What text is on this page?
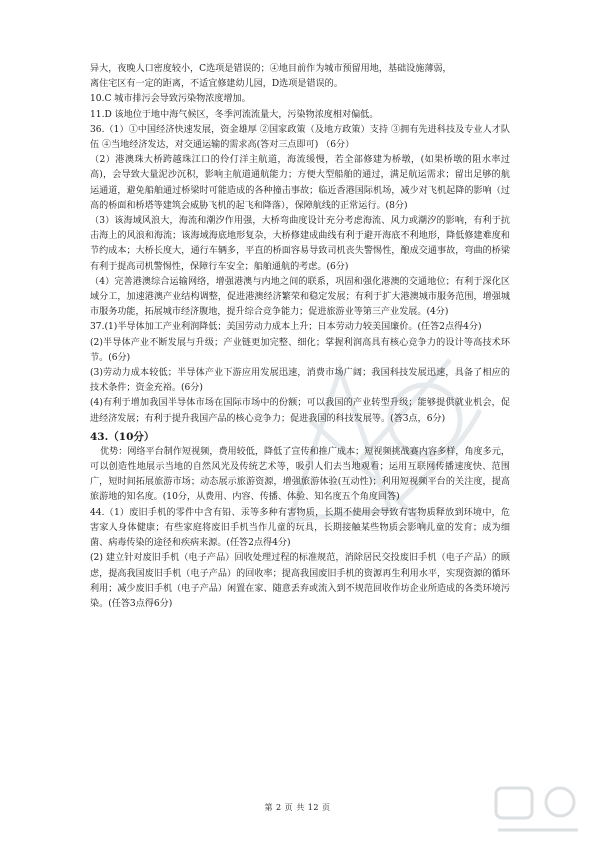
异大，夜晚人口密度较小，C选项是错误的；④地目前作为城市预留用地，基础设施薄弱，

离住宅区有一定的距离，不适宜修建幼儿园，D选项是错误的。

10.C 城市排污会导致污染物浓度增加。

11.D 该地位于地中海气候区，冬季河流流量大，污染物浓度相对偏低。

36.（1）①中国经济快速发展，资金雄厚 ②国家政策（及地方政策）支持 ③拥有先进科技及专业人才队伍 ④当地经济发达，对交通运输的需求高(答对三点即可) （6分）

（2）港澳珠大桥跨越珠江口的伶仃洋主航道，海流缓慢，若全部修建为桥墩，(如果桥墩的阻水率过高)，会导致大量泥沙沉积，影响主航道通航能力；方便大型船舶的通过，满足航运需求；留出足够的航运通道，避免船舶通过桥梁时可能造成的各种撞击事故；临近香港国际机场，减少对飞机起降的影响（过高的桥面和桥塔等建筑会威胁飞机的起飞和降落），保障航线的正常运行。(8分)

（3）该海域风浪大，海流和潮汐作用强，大桥弯曲度设计充分考虑海流、风力或潮汐的影响，有利于抗击海上的风浪和海流；该海域海底地形复杂，大桥修建成曲线有利于避开海底不利地形，降低修建难度和节约成本；大桥长度大，通行车辆多，平直的桥面容易导致司机丧失警惕性，酿成交通事故，弯曲的桥梁有利于提高司机警惕性，保障行车安全；船舶通航的考虑。(6分)

（4）完善港澳综合运输网络，增强港澳与内地之间的联系，巩固和强化港澳的交通地位；有利于深化区域分工，加速港澳产业结构调整，促进港澳经济繁荣和稳定发展；有利于扩大港澳城市服务范围，增强城市服务功能，拓展城市经济腹地，提升综合竞争能力；促进旅游业等第三产业发展。(4分)

37.(1)半导体加工产业利润降低；美国劳动力成本上升；日本劳动力较美国廉价。(任答2点得4分)

(2)半导体产业不断发展与升级；产业链更加完整、细化；掌握利润高具有核心竞争力的设计等高技术环节。(6分)

(3)劳动力成本较低；半导体产业下游应用发展迅速，消费市场广阔；我国科技发展迅速，具备了相应的技术条件；资金充裕。(6分)

(4)有利于增加我国半导体市场在国际市场中的份额；可以我国的产业转型升级；能够提供就业机会，促进经济发展；有利于提升我国产品的核心竞争力；促进我国的科技发展等。(答3点，6分)

43.（10分）

优势：网络平台制作短视频，费用较低，降低了宣传和推广成本；短视频挑战赛内容多样，角度多元，可以创造性地展示当地的自然风光及传统艺术等，吸引人们去当地观看；运用互联网传播速度快、范围广，短时间拓展旅游市场；动态展示旅游资源，增强旅游体验(互动性)；利用短视频平台的关注度，提高旅游地的知名度。(10分，从费用、内容、传播、体验、知名度五个角度回答)

44.（1）废旧手机的零件中含有铅、汞等多种有害物质，长期不使用会导致有害物质释放到环境中，危害家人身体健康；有些家庭将废旧手机当作儿童的玩具，长期接触某些物质会影响儿童的发育；成为细菌、病毒传染的途径和疾病来源。(任答2点得4分)

(2) 建立针对废旧手机（电子产品）回收处理过程的标准规范，消除居民交投废旧手机（电子产品）的顾虑，提高我国废旧手机（电子产品）的回收率；提高我国废旧手机的资源再生利用水平，实现资源的循环利用；减少废旧手机（电子产品）闲置在家、随意丢弃或流入到不规范回收作坊企业所造成的各类环境污染。(任答3点得6分)

第 2 页 共 12 页
